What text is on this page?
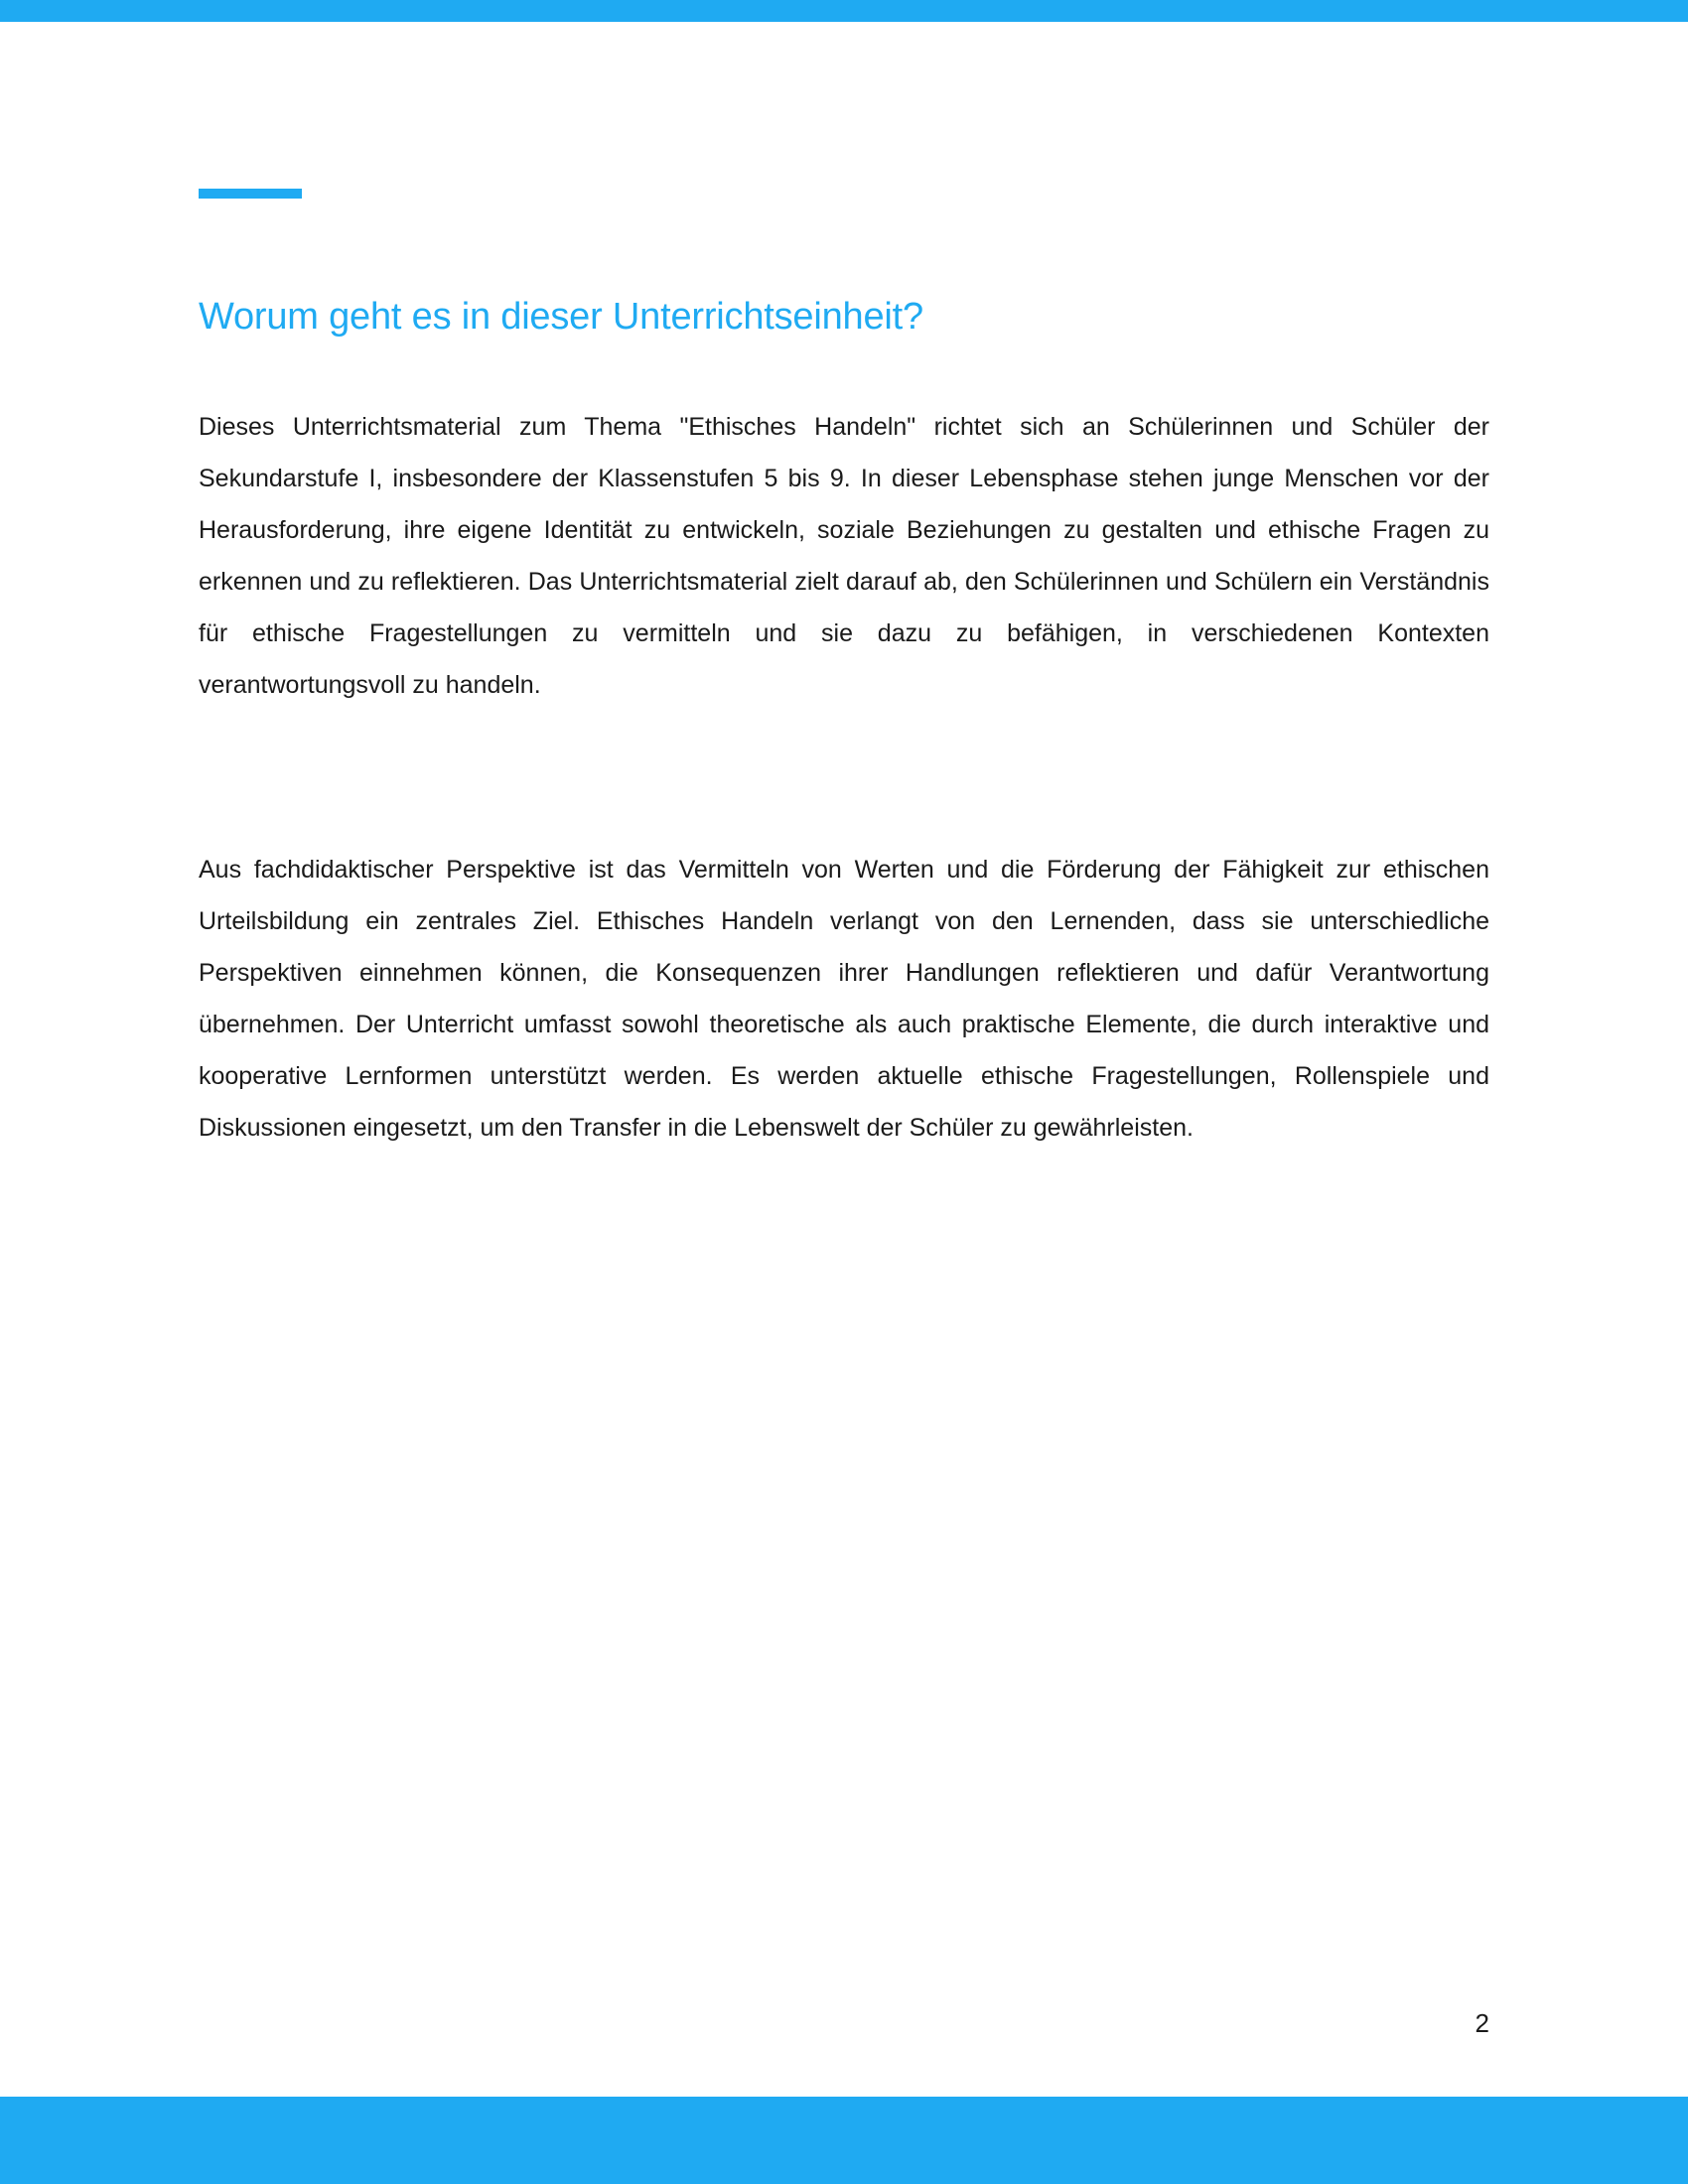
Worum geht es in dieser Unterrichtseinheit?

Dieses Unterrichtsmaterial zum Thema "Ethisches Handeln" richtet sich an Schülerinnen und Schüler der Sekundarstufe I, insbesondere der Klassenstufen 5 bis 9. In dieser Lebensphase stehen junge Menschen vor der Herausforderung, ihre eigene Identität zu entwickeln, soziale Beziehungen zu gestalten und ethische Fragen zu erkennen und zu reflektieren. Das Unterrichtsmaterial zielt darauf ab, den Schülerinnen und Schülern ein Verständnis für ethische Fragestellungen zu vermitteln und sie dazu zu befähigen, in verschiedenen Kontexten verantwortungsvoll zu handeln.

Aus fachdidaktischer Perspektive ist das Vermitteln von Werten und die Förderung der Fähigkeit zur ethischen Urteilsbildung ein zentrales Ziel. Ethisches Handeln verlangt von den Lernenden, dass sie unterschiedliche Perspektiven einnehmen können, die Konsequenzen ihrer Handlungen reflektieren und dafür Verantwortung übernehmen. Der Unterricht umfasst sowohl theoretische als auch praktische Elemente, die durch interaktive und kooperative Lernformen unterstützt werden. Es werden aktuelle ethische Fragestellungen, Rollenspiele und Diskussionen eingesetzt, um den Transfer in die Lebenswelt der Schüler zu gewährleisten.

2
